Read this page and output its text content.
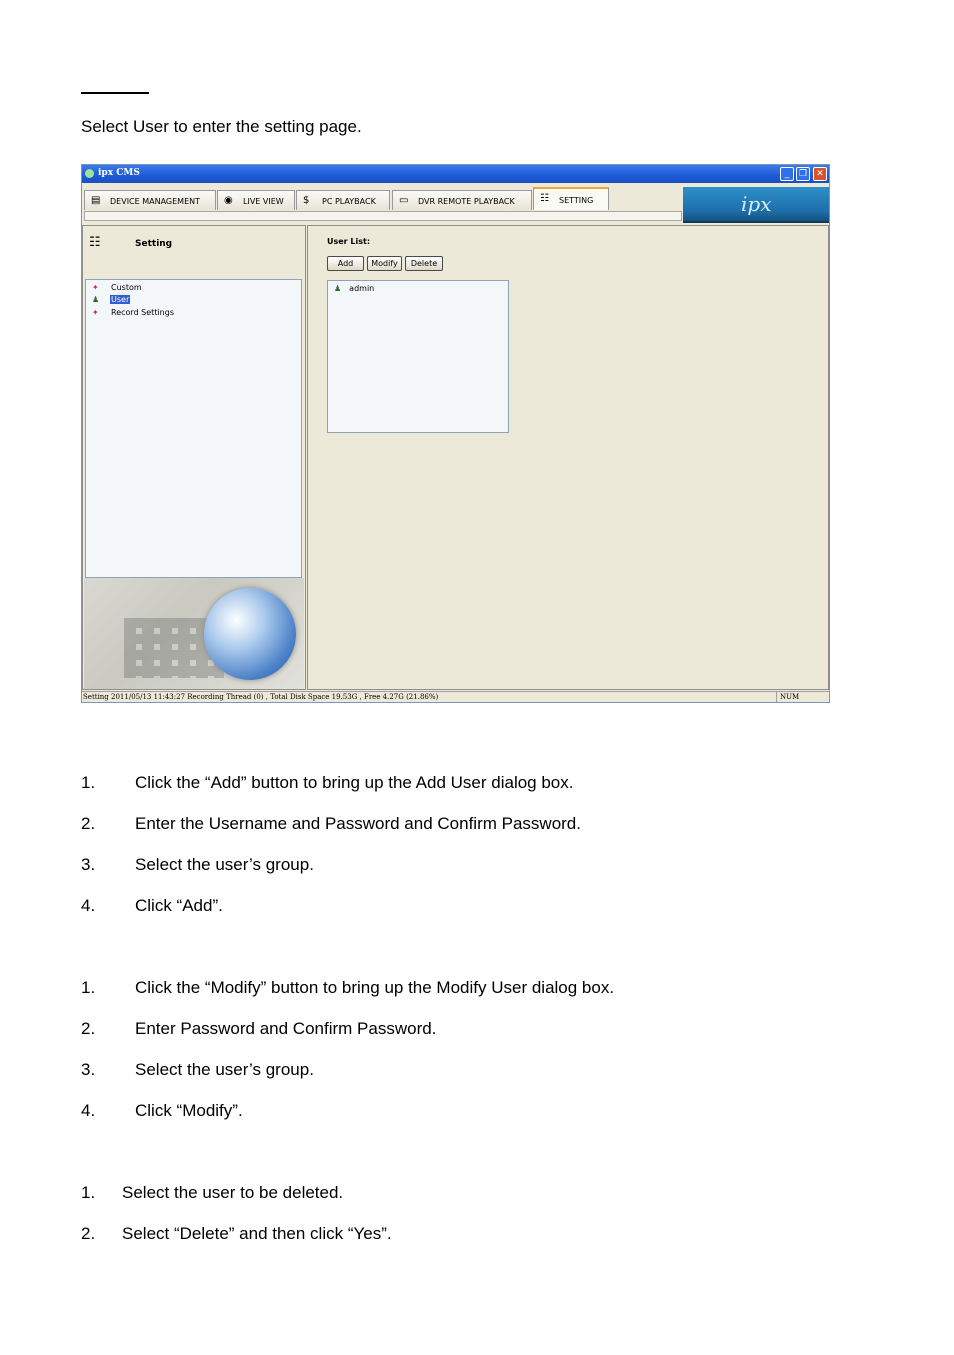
Select User to enter the setting page.
ipx CMS	_	❐	✕
▤ DEVICE MANAGEMENT ◉ LIVE VIEW $ PC PLAYBACK ▭ DVR REMOTE PLAYBACK	☷ SETTING	ipx
☷	Setting
✦ Custom
♟ User
✦ Record Settings
User List:
Add	Modify	Delete
♟ admin
Setting 2011/05/13 11:43:27 Recording Thread (0) , Total Disk Space 19.53G , Free 4.27G (21.86%)	NUM
1. Click the “Add” button to bring up the Add User dialog box.
2. Enter the Username and Password and Confirm Password.
3. Select the user’s group.
4. Click “Add”.
1. Click the “Modify” button to bring up the Modify User dialog box.
2. Enter Password and Confirm Password.
3. Select the user’s group.
4. Click “Modify”.
1. Select the user to be deleted.
2. Select “Delete” and then click “Yes”.
